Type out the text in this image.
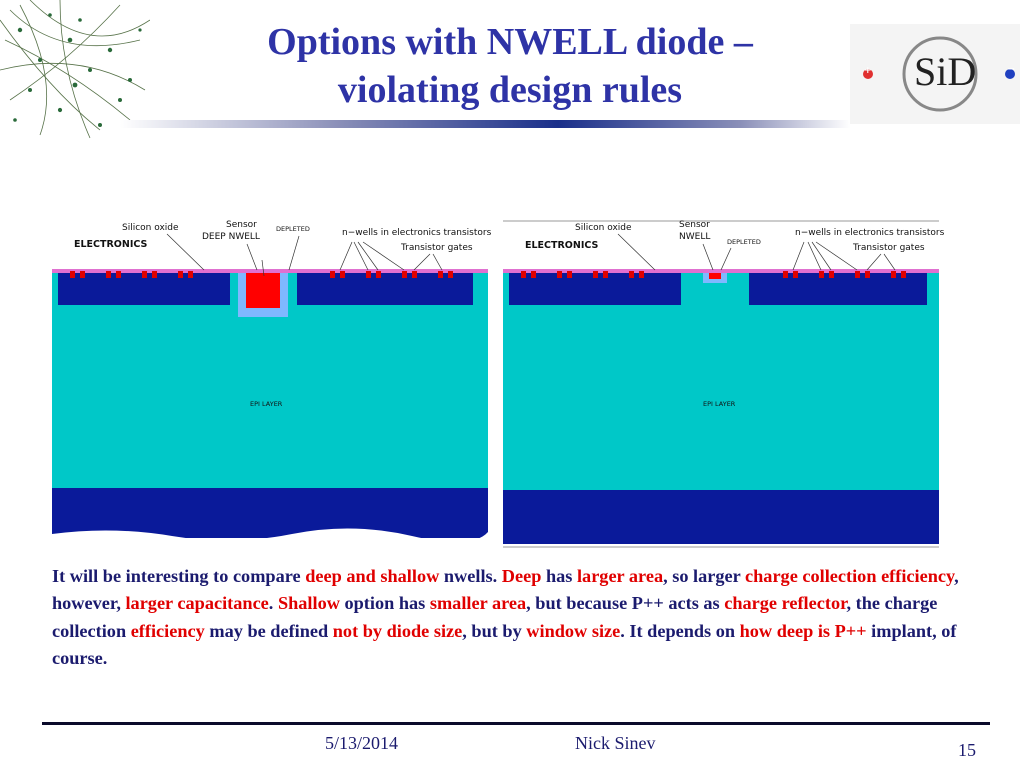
Options with NWELL diode –
violating design rules	+	−
SiD
Silicon oxide	Sensor
DEEP NWELL
DEPLETED	n−wells in electronics transistors
ELECTRONICS	Transistor gates
EPI LAYER
Silicon oxide	Sensor
NWELL	DEPLETED
n−wells in electronics transistors
ELECTRONICS	Transistor gates
EPI LAYER
It will be interesting to compare deep and shallow nwells. Deep has larger area, so larger charge collection efficiency, however, larger capacitance. Shallow option has smaller area, but because P++ acts as charge reflector, the charge collection efficiency may be defined not by diode size, but by window size. It depends on how deep is P++ implant, of course.
5/13/2014	Nick Sinev	15
